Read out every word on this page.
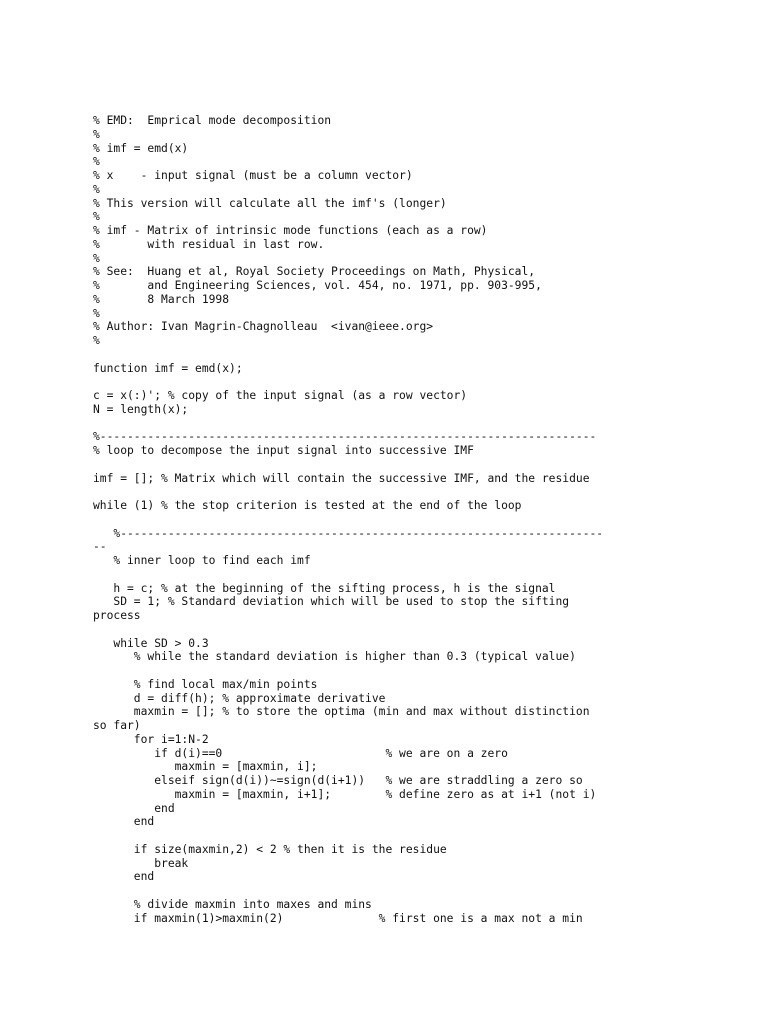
% EMD:  Emprical mode decomposition
%
% imf = emd(x)
%
% x    - input signal (must be a column vector)
%
% This version will calculate all the imf's (longer)
%
% imf - Matrix of intrinsic mode functions (each as a row)
%       with residual in last row.
%
% See:  Huang et al, Royal Society Proceedings on Math, Physical,
%       and Engineering Sciences, vol. 454, no. 1971, pp. 903-995,
%       8 March 1998
%
% Author: Ivan Magrin-Chagnolleau  <ivan@ieee.org>
%
function imf = emd(x);
c = x(:)'; % copy of the input signal (as a row vector)
N = length(x);
%-------------------------------------------------------------------------
% loop to decompose the input signal into successive IMF
imf = []; % Matrix which will contain the successive IMF, and the residue
while (1) % the stop criterion is tested at the end of the loop
%-----------------------------------------------------------------------
--
% inner loop to find each imf
h = c; % at the beginning of the sifting process, h is the signal
SD = 1; % Standard deviation which will be used to stop the sifting
process
while SD > 0.3
% while the standard deviation is higher than 0.3 (typical value)
% find local max/min points
d = diff(h); % approximate derivative
maxmin = []; % to store the optima (min and max without distinction
so far)
for i=1:N-2
if d(i)==0                        % we are on a zero
maxmin = [maxmin, i];
elseif sign(d(i))~=sign(d(i+1))   % we are straddling a zero so
maxmin = [maxmin, i+1];        % define zero as at i+1 (not i)
end
end
if size(maxmin,2) < 2 % then it is the residue
break
end
% divide maxmin into maxes and mins
if maxmin(1)>maxmin(2)              % first one is a max not a min
